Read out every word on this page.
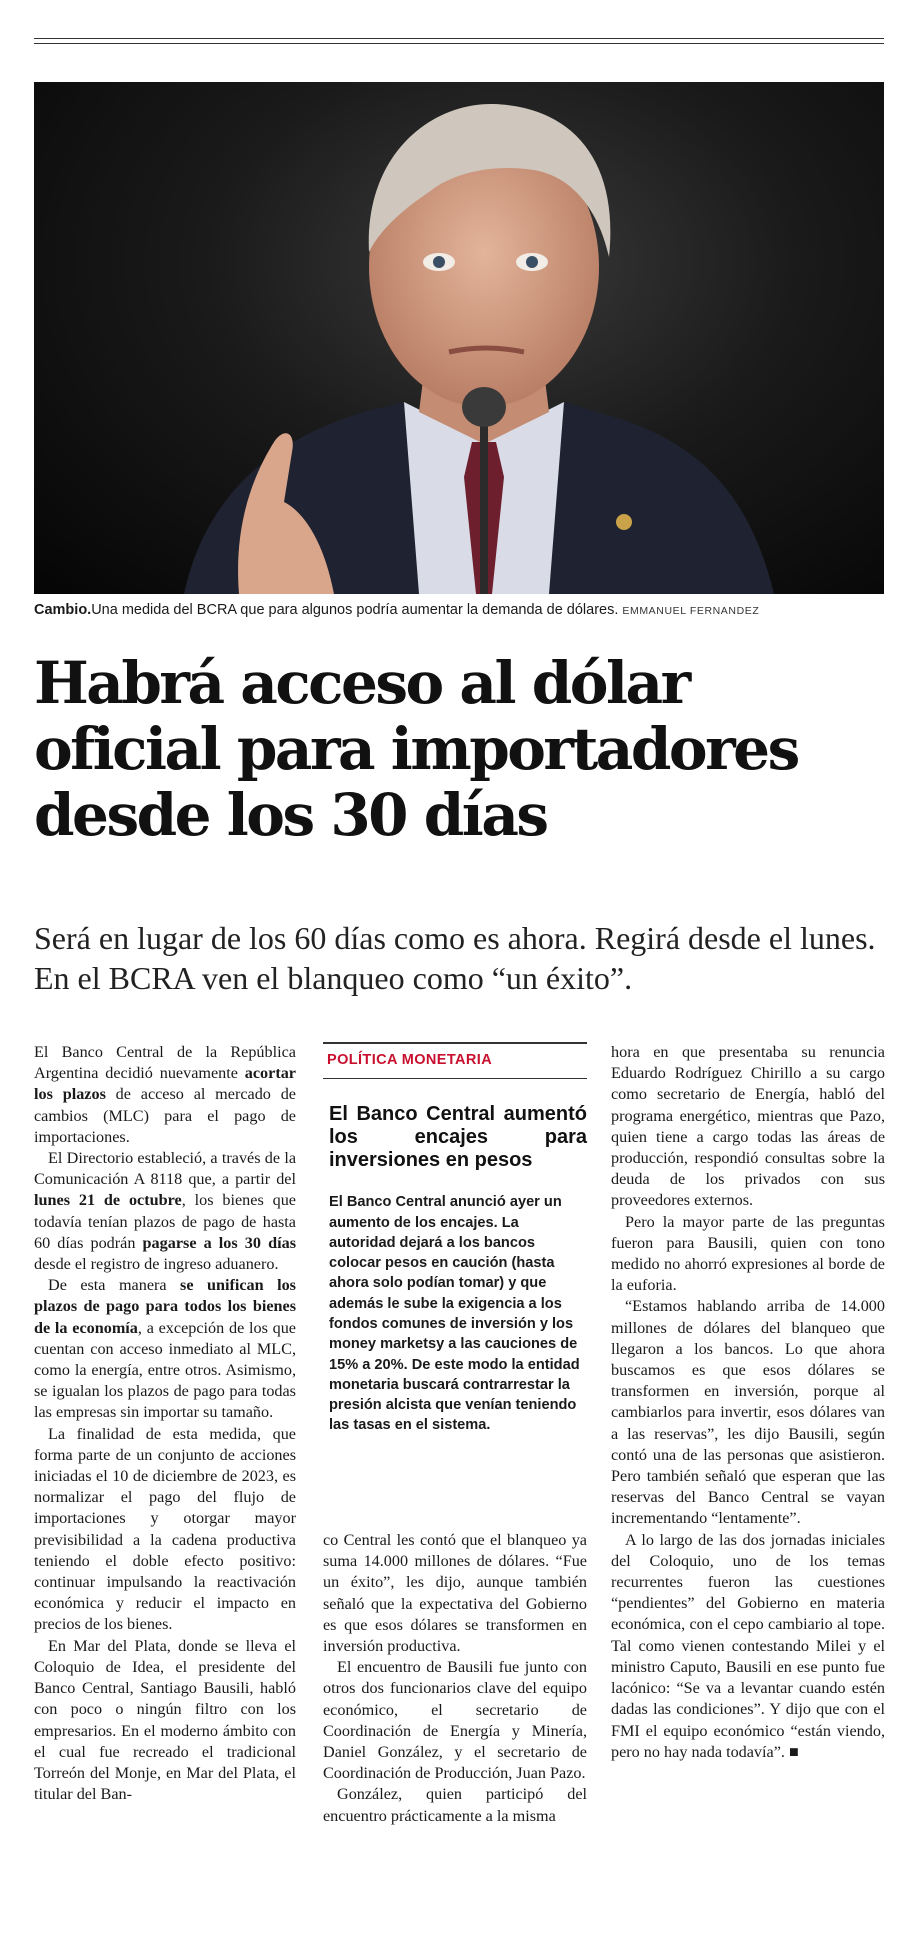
Cambio.Una medida del BCRA que para algunos podría aumentar la demanda de dólares. EMMANUEL FERNANDEZ
Habrá acceso al dólar oficial para importadores desde los 30 días

Será en lugar de los 60 días como es ahora. Regirá desde el lunes. En el BCRA ven el blanqueo como “un éxito”.

El Banco Central de la República Argentina decidió nuevamente acortar los plazos de acceso al mercado de cambios (MLC) para el pago de importaciones.

El Directorio estableció, a través de la Comunicación A 8118 que, a partir del lunes 21 de octubre, los bienes que todavía tenían plazos de pago de hasta 60 días podrán pagarse a los 30 días desde el registro de ingreso aduanero.

De esta manera se unifican los plazos de pago para todos los bienes de la economía, a excepción de los que cuentan con acceso inmediato al MLC, como la energía, entre otros. Asimismo, se igualan los plazos de pago para todas las empresas sin importar su tamaño.

La finalidad de esta medida, que forma parte de un conjunto de acciones iniciadas el 10 de diciembre de 2023, es normalizar el pago del flujo de importaciones y otorgar mayor previsibilidad a la cadena productiva teniendo el doble efecto positivo: continuar impulsando la reactivación económica y reducir el impacto en precios de los bienes.

En Mar del Plata, donde se lleva el Coloquio de Idea, el presidente del Banco Central, Santiago Bausili, habló con poco o ningún filtro con los empresarios. En el moderno ámbito con el cual fue recreado el tradicional Torreón del Monje, en Mar del Plata, el titular del Ban-

POLÍTICA MONETARIA
El Banco Central aumentó los encajes para inversiones en pesos
El Banco Central anunció ayer un aumento de los encajes. La autoridad dejará a los bancos colocar pesos en caución (hasta ahora solo podían tomar) y que además le sube la exigencia a los fondos comunes de inversión y los money marketsy a las cauciones de 15% a 20%. De este modo la entidad monetaria buscará contrarrestar la presión alcista que venían teniendo las tasas en el sistema.

co Central les contó que el blanqueo ya suma 14.000 millones de dólares. “Fue un éxito”, les dijo, aunque también señaló que la expectativa del Gobierno es que esos dólares se transformen en inversión productiva.

El encuentro de Bausili fue junto con otros dos funcionarios clave del equipo económico, el secretario de Coordinación de Energía y Minería, Daniel González, y el secretario de Coordinación de Producción, Juan Pazo.

González, quien participó del encuentro prácticamente a la misma

hora en que presentaba su renuncia Eduardo Rodríguez Chirillo a su cargo como secretario de Energía, habló del programa energético, mientras que Pazo, quien tiene a cargo todas las áreas de producción, respondió consultas sobre la deuda de los privados con sus proveedores externos.

Pero la mayor parte de las preguntas fueron para Bausili, quien con tono medido no ahorró expresiones al borde de la euforia.

“Estamos hablando arriba de 14.000 millones de dólares del blanqueo que llegaron a los bancos. Lo que ahora buscamos es que esos dólares se transformen en inversión, porque al cambiarlos para invertir, esos dólares van a las reservas”, les dijo Bausili, según contó una de las personas que asistieron. Pero también señaló que esperan que las reservas del Banco Central se vayan incrementando “lentamente”.

A lo largo de las dos jornadas iniciales del Coloquio, uno de los temas recurrentes fueron las cuestiones “pendientes” del Gobierno en materia económica, con el cepo cambiario al tope. Tal como vienen contestando Milei y el ministro Caputo, Bausili en ese punto fue lacónico: “Se va a levantar cuando estén dadas las condiciones”. Y dijo que con el FMI el equipo económico “están viendo, pero no hay nada todavía”. ■
